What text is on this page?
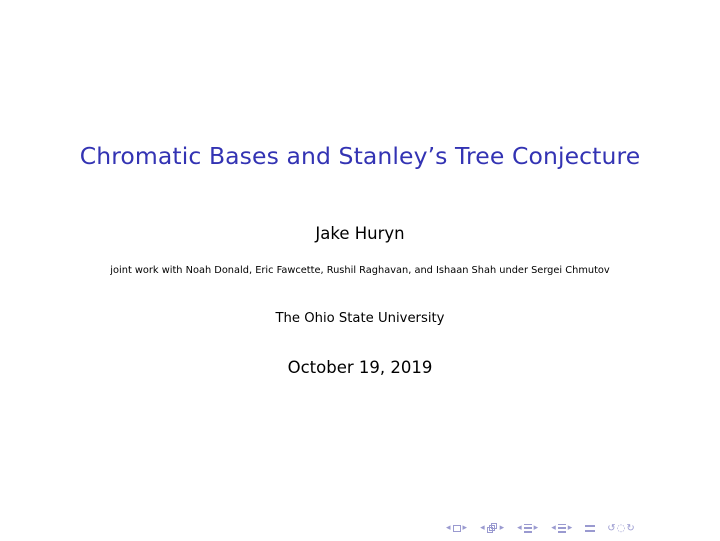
Chromatic Bases and Stanley’s Tree Conjecture
Jake Huryn
joint work with Noah Donald, Eric Fawcette, Rushil Raghavan, and Ishaan Shah under Sergei Chmutov
The Ohio State University
October 19, 2019
◂ ▸ ◂ ▸ ◂ ▸ ◂ ▸	↺ ◌ ↻
